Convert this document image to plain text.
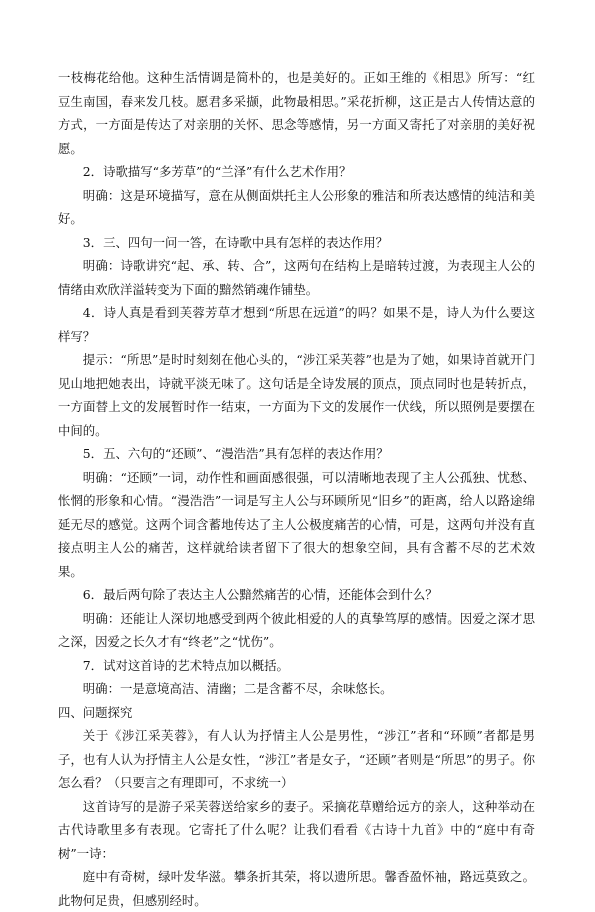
一枝梅花给他。这种生活情调是简朴的，也是美好的。正如王维的《相思》所写：“红豆生南国，春来发几枝。愿君多采撷，此物最相思。”采花折柳，这正是古人传情达意的方式，一方面是传达了对亲朋的关怀、思念等感情，另一方面又寄托了对亲朋的美好祝愿。

2．诗歌描写“多芳草”的“兰泽”有什么艺术作用？

明确：这是环境描写，意在从侧面烘托主人公形象的雅洁和所表达感情的纯洁和美好。

3．三、四句一问一答，在诗歌中具有怎样的表达作用？

明确：诗歌讲究“起、承、转、合”，这两句在结构上是暗转过渡，为表现主人公的情绪由欢欣洋溢转变为下面的黯然销魂作铺垫。

4．诗人真是看到芙蓉芳草才想到“所思在远道”的吗？如果不是，诗人为什么要这样写？

提示：“所思”是时时刻刻在他心头的，“涉江采芙蓉”也是为了她，如果诗首就开门见山地把她表出，诗就平淡无味了。这句话是全诗发展的顶点，顶点同时也是转折点，一方面替上文的发展暂时作一结束，一方面为下文的发展作一伏线，所以照例是要摆在中间的。

5．五、六句的“还顾”、“漫浩浩”具有怎样的表达作用？

明确：“还顾”一词，动作性和画面感很强，可以清晰地表现了主人公孤独、忧愁、怅惘的形象和心情。“漫浩浩”一词是写主人公与环顾所见“旧乡”的距离，给人以路途绵延无尽的感觉。这两个词含蓄地传达了主人公极度痛苦的心情，可是，这两句并没有直接点明主人公的痛苦，这样就给读者留下了很大的想象空间，具有含蓄不尽的艺术效果。

6．最后两句除了表达主人公黯然痛苦的心情，还能体会到什么？

明确：还能让人深切地感受到两个彼此相爱的人的真挚笃厚的感情。因爱之深才思之深，因爱之长久才有“终老”之“忧伤”。

7．试对这首诗的艺术特点加以概括。

明确：一是意境高洁、清幽；二是含蓄不尽，余味悠长。

四、问题探究

关于《涉江采芙蓉》，有人认为抒情主人公是男性，“涉江”者和“环顾”者都是男子，也有人认为抒情主人公是女性，“涉江”者是女子，“还顾”者则是“所思”的男子。你怎么看？（只要言之有理即可，不求统一）

这首诗写的是游子采芙蓉送给家乡的妻子。采摘花草赠给远方的亲人，这种举动在古代诗歌里多有表现。它寄托了什么呢？让我们看看《古诗十九首》中的“庭中有奇树”一诗：

庭中有奇树，绿叶发华滋。攀条折其荣，将以遗所思。馨香盈怀袖，路远莫致之。此物何足贵，但感别经时。
